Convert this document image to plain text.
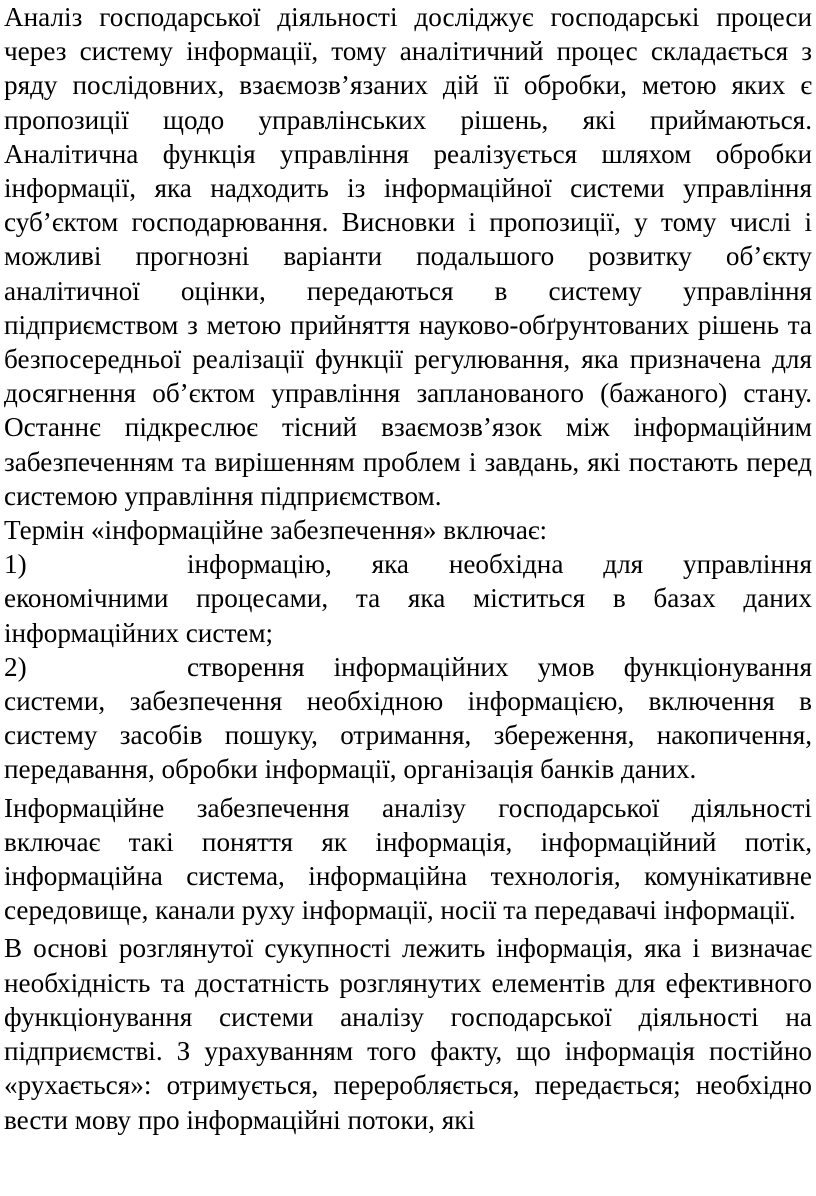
Аналіз господарської діяльності досліджує господарські процеси через систему інформації, тому аналітичний процес складається з ряду послідовних, взаємозв’язаних дій її обробки, метою яких є пропозиції щодо управлінських рішень, які приймаються. Аналітична функція управління реалізується шляхом обробки інформації, яка надходить із інформаційної системи управління суб’єктом господарювання. Висновки і пропозиції, у тому числі і можливі прогнозні варіанти подальшого розвитку об’єкту аналітичної оцінки, передаються в систему управління підприємством з метою прийняття науково-обґрунтованих рішень та безпосередньої реалізації функції регулювання, яка призначена для досягнення об’єктом управління запланованого (бажаного) стану. Останнє підкреслює тісний взаємозв’язок між інформаційним забезпеченням та вирішенням проблем і завдань, які постають перед системою управління підприємством.

Термін «інформаційне забезпечення» включає:

1)	інформацію, яка необхідна для управління економічними процесами, та яка міститься в базах даних інформаційних систем;

2)	створення інформаційних умов функціонування системи, забезпечення необхідною інформацією, включення в систему засобів пошуку, отримання, збереження, накопичення, передавання, обробки інформації, організація банків даних.

Інформаційне забезпечення аналізу господарської діяльності включає такі поняття як інформація, інформаційний потік, інформаційна система, інформаційна технологія, комунікативне середовище, канали руху інформації, носії та передавачі інформації.

В основі розглянутої сукупності лежить інформація, яка і визначає необхідність та достатність розглянутих елементів для ефективного функціонування системи аналізу господарської діяльності на підприємстві. З урахуванням того факту, що інформація постійно «рухається»: отримується, переробляється, передається; необхідно вести мову про інформаційні потоки, які
